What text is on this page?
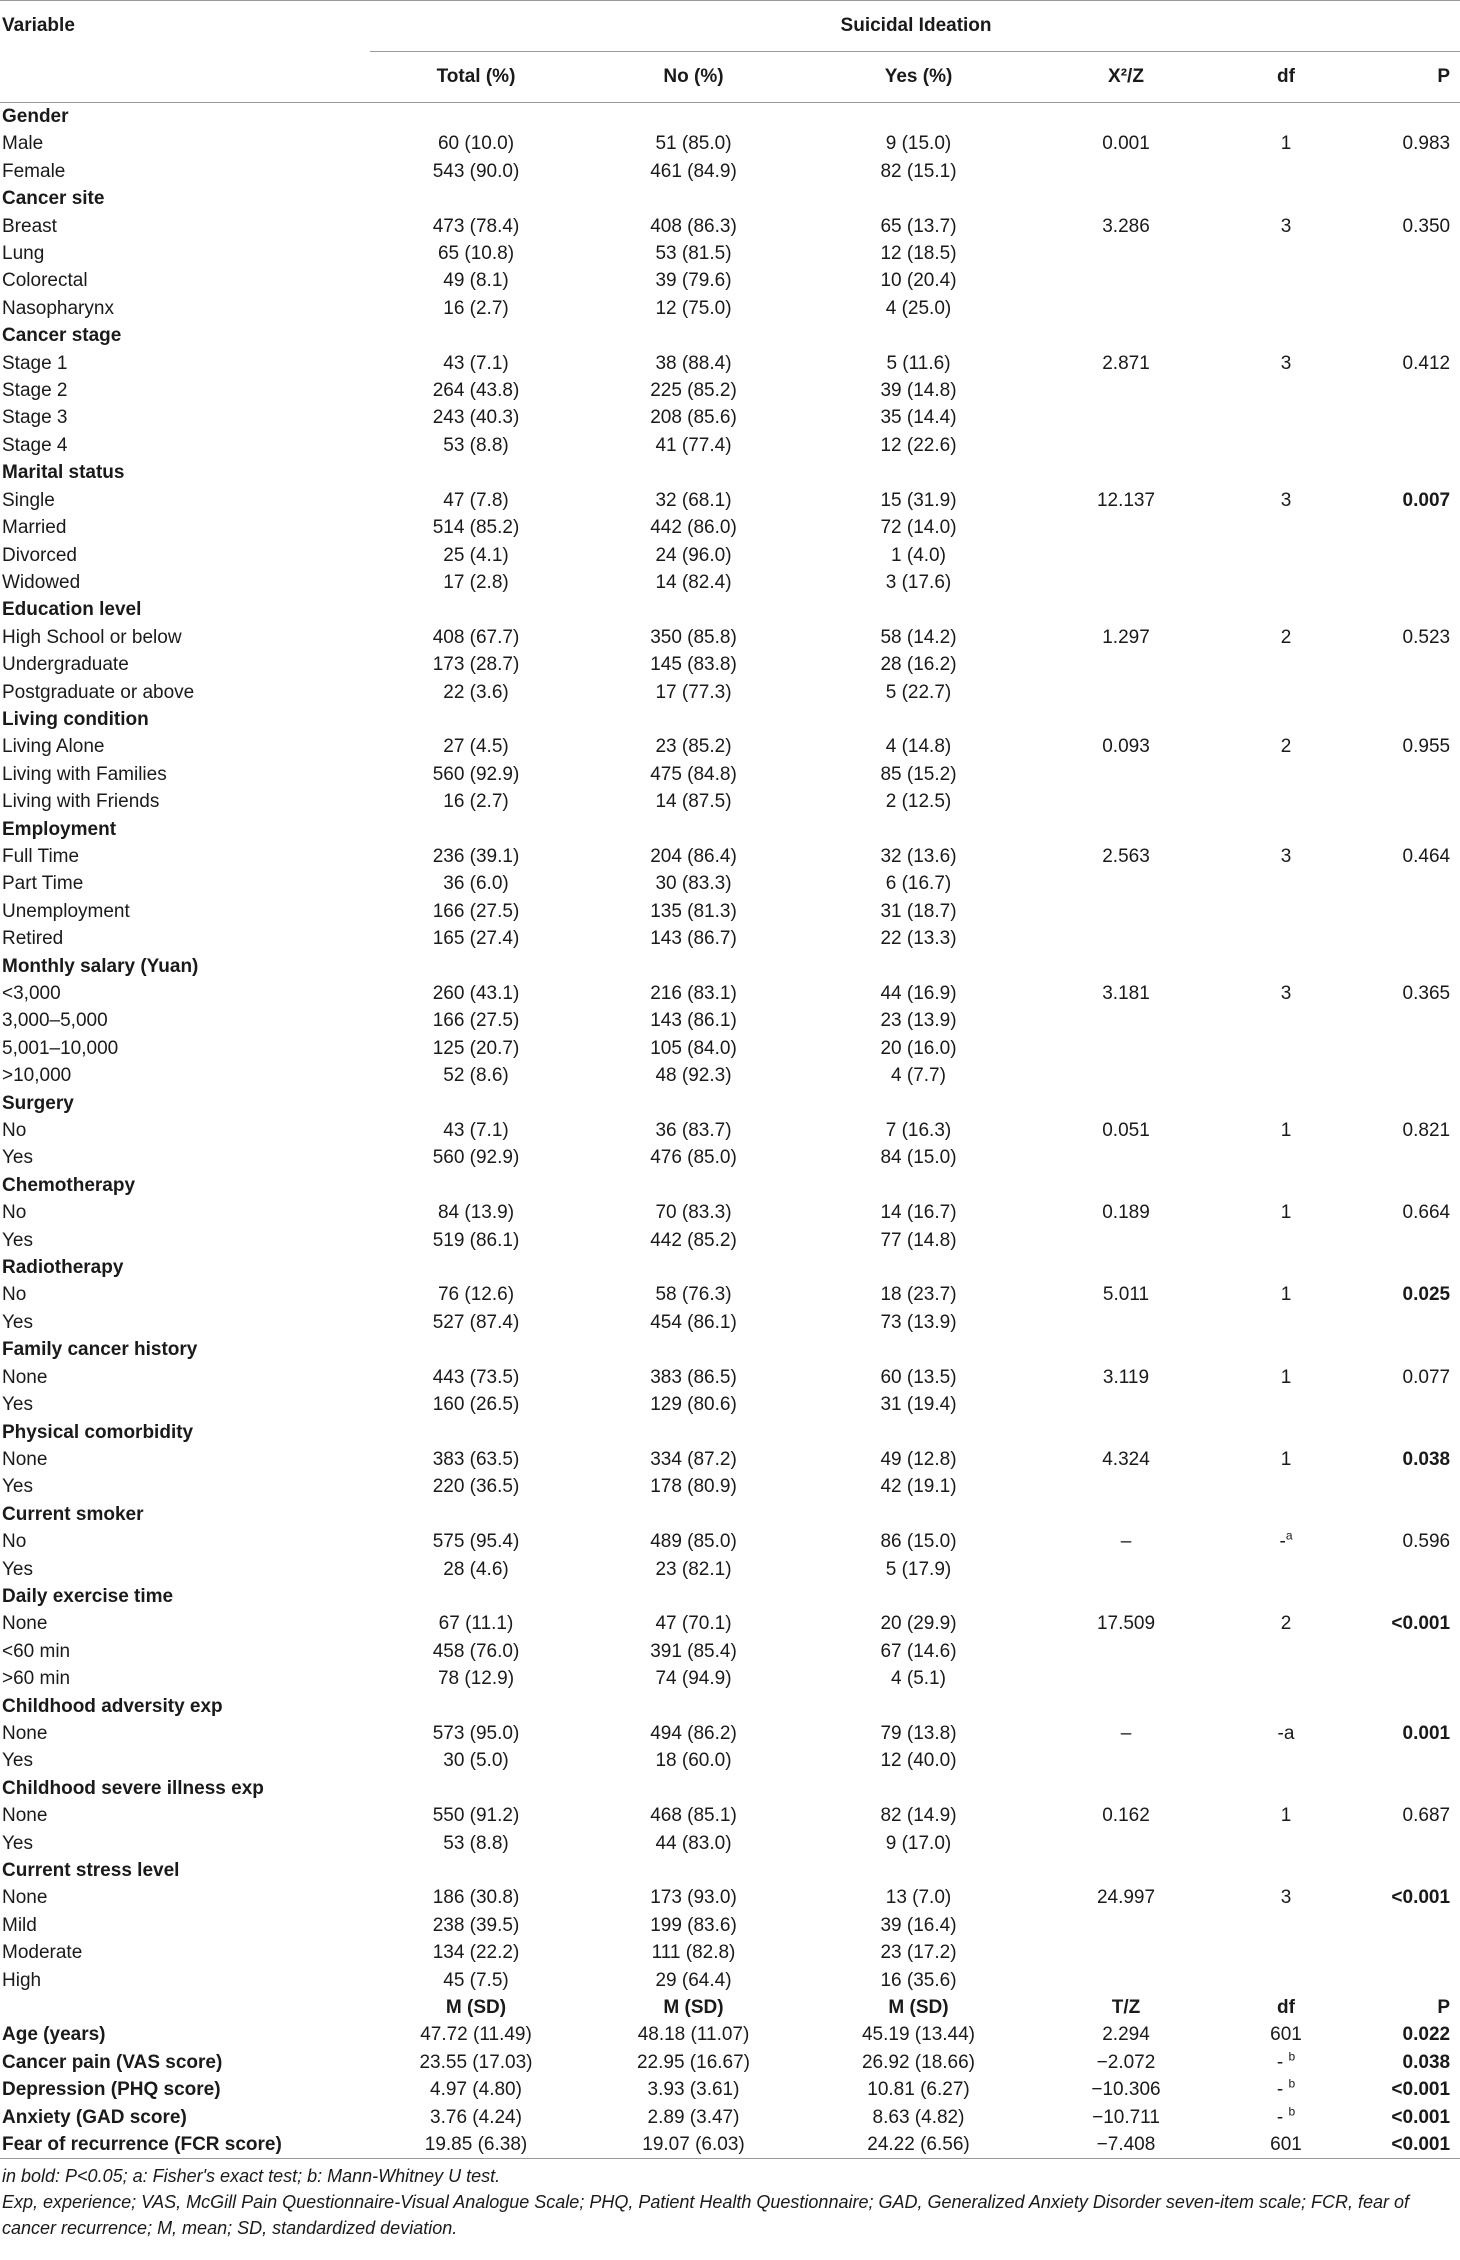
Variable	Suicidal Ideation					
	Total (%)	No (%)	Yes (%)	X²/Z	df	P
Gender						
Male	60 (10.0)	51 (85.0)	9 (15.0)	0.001	1	0.983
Female	543 (90.0)	461 (84.9)	82 (15.1)			
Cancer site						
Breast	473 (78.4)	408 (86.3)	65 (13.7)	3.286	3	0.350
Lung	65 (10.8)	53 (81.5)	12 (18.5)			
Colorectal	49 (8.1)	39 (79.6)	10 (20.4)			
Nasopharynx	16 (2.7)	12 (75.0)	4 (25.0)			
Cancer stage						
Stage 1	43 (7.1)	38 (88.4)	5 (11.6)	2.871	3	0.412
Stage 2	264 (43.8)	225 (85.2)	39 (14.8)			
Stage 3	243 (40.3)	208 (85.6)	35 (14.4)			
Stage 4	53 (8.8)	41 (77.4)	12 (22.6)			
Marital status						
Single	47 (7.8)	32 (68.1)	15 (31.9)	12.137	3	0.007
Married	514 (85.2)	442 (86.0)	72 (14.0)			
Divorced	25 (4.1)	24 (96.0)	1 (4.0)			
Widowed	17 (2.8)	14 (82.4)	3 (17.6)			
Education level						
High School or below	408 (67.7)	350 (85.8)	58 (14.2)	1.297	2	0.523
Undergraduate	173 (28.7)	145 (83.8)	28 (16.2)			
Postgraduate or above	22 (3.6)	17 (77.3)	5 (22.7)			
Living condition						
Living Alone	27 (4.5)	23 (85.2)	4 (14.8)	0.093	2	0.955
Living with Families	560 (92.9)	475 (84.8)	85 (15.2)			
Living with Friends	16 (2.7)	14 (87.5)	2 (12.5)			
Employment						
Full Time	236 (39.1)	204 (86.4)	32 (13.6)	2.563	3	0.464
Part Time	36 (6.0)	30 (83.3)	6 (16.7)			
Unemployment	166 (27.5)	135 (81.3)	31 (18.7)			
Retired	165 (27.4)	143 (86.7)	22 (13.3)			
Monthly salary (Yuan)						
<3,000	260 (43.1)	216 (83.1)	44 (16.9)	3.181	3	0.365
3,000–5,000	166 (27.5)	143 (86.1)	23 (13.9)			
5,001–10,000	125 (20.7)	105 (84.0)	20 (16.0)			
>10,000	52 (8.6)	48 (92.3)	4 (7.7)			
Surgery						
No	43 (7.1)	36 (83.7)	7 (16.3)	0.051	1	0.821
Yes	560 (92.9)	476 (85.0)	84 (15.0)			
Chemotherapy						
No	84 (13.9)	70 (83.3)	14 (16.7)	0.189	1	0.664
Yes	519 (86.1)	442 (85.2)	77 (14.8)			
Radiotherapy						
No	76 (12.6)	58 (76.3)	18 (23.7)	5.011	1	0.025
Yes	527 (87.4)	454 (86.1)	73 (13.9)			
Family cancer history						
None	443 (73.5)	383 (86.5)	60 (13.5)	3.119	1	0.077
Yes	160 (26.5)	129 (80.6)	31 (19.4)			
Physical comorbidity						
None	383 (63.5)	334 (87.2)	49 (12.8)	4.324	1	0.038
Yes	220 (36.5)	178 (80.9)	42 (19.1)			
Current smoker						
No	575 (95.4)	489 (85.0)	86 (15.0)	–	-$^a$	0.596
Yes	28 (4.6)	23 (82.1)	5 (17.9)			
Daily exercise time						
None	67 (11.1)	47 (70.1)	20 (29.9)	17.509	2	<0.001
<60 min	458 (76.0)	391 (85.4)	67 (14.6)			
>60 min	78 (12.9)	74 (94.9)	4 (5.1)			
Childhood adversity exp						
None	573 (95.0)	494 (86.2)	79 (13.8)	–	-a	0.001
Yes	30 (5.0)	18 (60.0)	12 (40.0)			
Childhood severe illness exp						
None	550 (91.2)	468 (85.1)	82 (14.9)	0.162	1	0.687
Yes	53 (8.8)	44 (83.0)	9 (17.0)			
Current stress level						
None	186 (30.8)	173 (93.0)	13 (7.0)	24.997	3	<0.001
Mild	238 (39.5)	199 (83.6)	39 (16.4)			
Moderate	134 (22.2)	111 (82.8)	23 (17.2)			
High	45 (7.5)	29 (64.4)	16 (35.6)			
	M (SD)	M (SD)	M (SD)	T/Z	df	P
Age (years)	47.72 (11.49)	48.18 (11.07)	45.19 (13.44)	2.294	601	0.022
Cancer pain (VAS score)	23.55 (17.03)	22.95 (16.67)	26.92 (18.66)	−2.072	- $^b$	0.038
Depression (PHQ score)	4.97 (4.80)	3.93 (3.61)	10.81 (6.27)	−10.306	- $^b$	<0.001
Anxiety (GAD score)	3.76 (4.24)	2.89 (3.47)	8.63 (4.82)	−10.711	- $^b$	<0.001
Fear of recurrence (FCR score)	19.85 (6.38)	19.07 (6.03)	24.22 (6.56)	−7.408	601	<0.001

in bold: P<0.05; a: Fisher's exact test; b: Mann-Whitney U test.

Exp, experience; VAS, McGill Pain Questionnaire-Visual Analogue Scale; PHQ, Patient Health Questionnaire; GAD, Generalized Anxiety Disorder seven-item scale; FCR, fear of cancer recurrence; M, mean; SD, standardized deviation.
